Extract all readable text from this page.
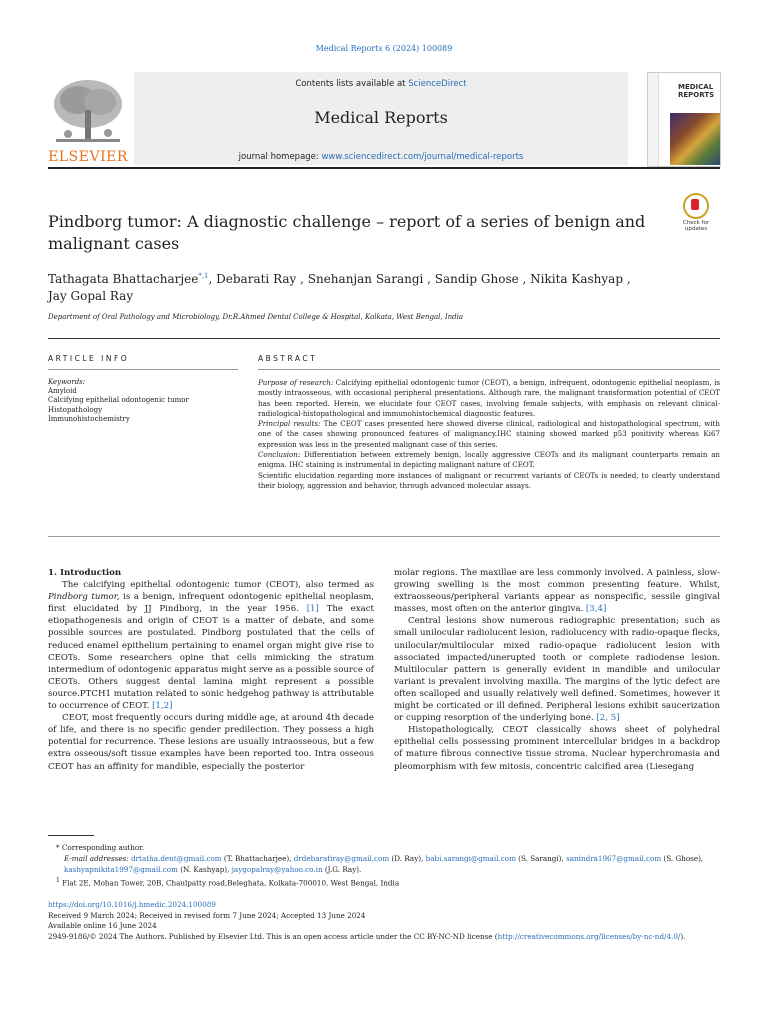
Medical Reports 6 (2024) 100089
ELSEVIER
Contents lists available at ScienceDirect
Medical Reports
journal homepage: www.sciencedirect.com/journal/medical-reports
MEDICAL
REPORTS
Check for
updates
Pindborg tumor: A diagnostic challenge – report of a series of benign and malignant cases
Tathagata Bhattacharjee$^{*,1}$, Debarati Ray , Snehanjan Sarangi , Sandip Ghose , Nikita Kashyap ,
Jay Gopal Ray
Department of Oral Pathology and Microbiology, Dr.R.Ahmed Dental College & Hospital, Kolkata, West Bengal, India
ARTICLE INFO	ABSTRACT
Keywords:
Amyloid
Calcifying epithelial odontogenic tumor
Histopathology
Immunohistochemistry

Purpose of research: Calcifying epithelial odontogenic tumor (CEOT), a benign, infrequent, odontogenic epithelial neoplasm, is mostly intraosseous, with occasional peripheral presentations. Although rare, the malignant transformation potential of CEOT has been reported. Herein, we elucidate four CEOT cases, involving female subjects, with emphasis on relevant clinical-radiological-histopathological and immunohistochemical diagnostic features.

Principal results: The CEOT cases presented here showed diverse clinical, radiological and histopathological spectrum, with one of the cases showing pronounced features of malignancy.IHC staining showed marked p53 positivity whereas Ki67 expression was less in the presented malignant case of this series.

Conclusion: Differentiation between extremely benign, locally aggressive CEOTs and its malignant counterparts remain an enigma. IHC staining is instrumental in depicting malignant nature of CEOT.

Scientific elucidation regarding more instances of malignant or recurrent variants of CEOTs is needed, to clearly understand their biology, aggression and behavior, through advanced molecular assays.

1. Introduction

The calcifying epithelial odontogenic tumor (CEOT), also termed as Pindborg tumor, is a benign, infrequent odontogenic epithelial neoplasm, first elucidated by JJ Pindborg, in the year 1956. [1] The exact etiopathogenesis and origin of CEOT is a matter of debate, and some possible sources are postulated. Pindborg postulated that the cells of reduced enamel epithelium pertaining to enamel organ might give rise to CEOTs. Some researchers opine that cells mimicking the stratum intermedium of odontogenic apparatus might serve as a possible source of CEOTs. Others suggest dental lamina might represent a possible source.PTCH1 mutation related to sonic hedgehog pathway is attributable to occurrence of CEOT. [1,2]

CEOT, most frequently occurs during middle age, at around 4th decade of life, and there is no specific gender predilection. They possess a high potential for recurrence. These lesions are usually intraosseous, but a few extra osseous/soft tissue examples have been reported too. Intra osseous CEOT has an affinity for mandible, especially the posterior

molar regions. The maxillae are less commonly involved. A painless, slow-growing swelling is the most common presenting feature. Whilst, extraosseous/peripheral variants appear as nonspecific, sessile gingival masses, most often on the anterior gingiva. [3,4]

Central lesions show numerous radiographic presentation; such as small unilocular radiolucent lesion, radiolucency with radio-opaque flecks, unilocular/multilocular mixed radio-opaque radiolucent lesion with associated impacted/unerupted tooth or complete radiodense lesion. Multilocular pattern is generally evident in mandible and unilocular variant is prevalent involving maxilla. The margins of the lytic defect are often scalloped and usually relatively well defined. Sometimes, however it might be corticated or ill defined. Peripheral lesions exhibit saucerization or cupping resorption of the underlying bone. [2, 5]

Histopathologically, CEOT classically shows sheet of polyhedral epithelial cells possessing prominent intercellular bridges in a backdrop of mature fibrous connective tissue stroma. Nuclear hyperchromasia and pleomorphism with few mitosis, concentric calcified area (Liesegang

* Corresponding author.

E-mail addresses: drtatha.dent@gmail.com (T. Bhattacharjee), drdebaratiray@gmail.com (D. Ray), babi.sarangi@gmail.com (S. Sarangi), sanindra1967@gmail.com (S. Ghose), kashyapnikita1997@gmail.com (N. Kashyap), jaygopalray@yahoo.co.in (J.G. Ray).

$^1$ Flat 2E, Mohan Tower, 20B, Chaulpatty road,Beleghata, Kolkata-700010, West Bengal, India

https://doi.org/10.1016/j.hmedic.2024.100089

Received 9 March 2024; Received in revised form 7 June 2024; Accepted 13 June 2024

Available online 16 June 2024

2949-9186/© 2024 The Authors. Published by Elsevier Ltd. This is an open access article under the CC BY-NC-ND license (http://creativecommons.org/licenses/by-nc-nd/4.0/).
